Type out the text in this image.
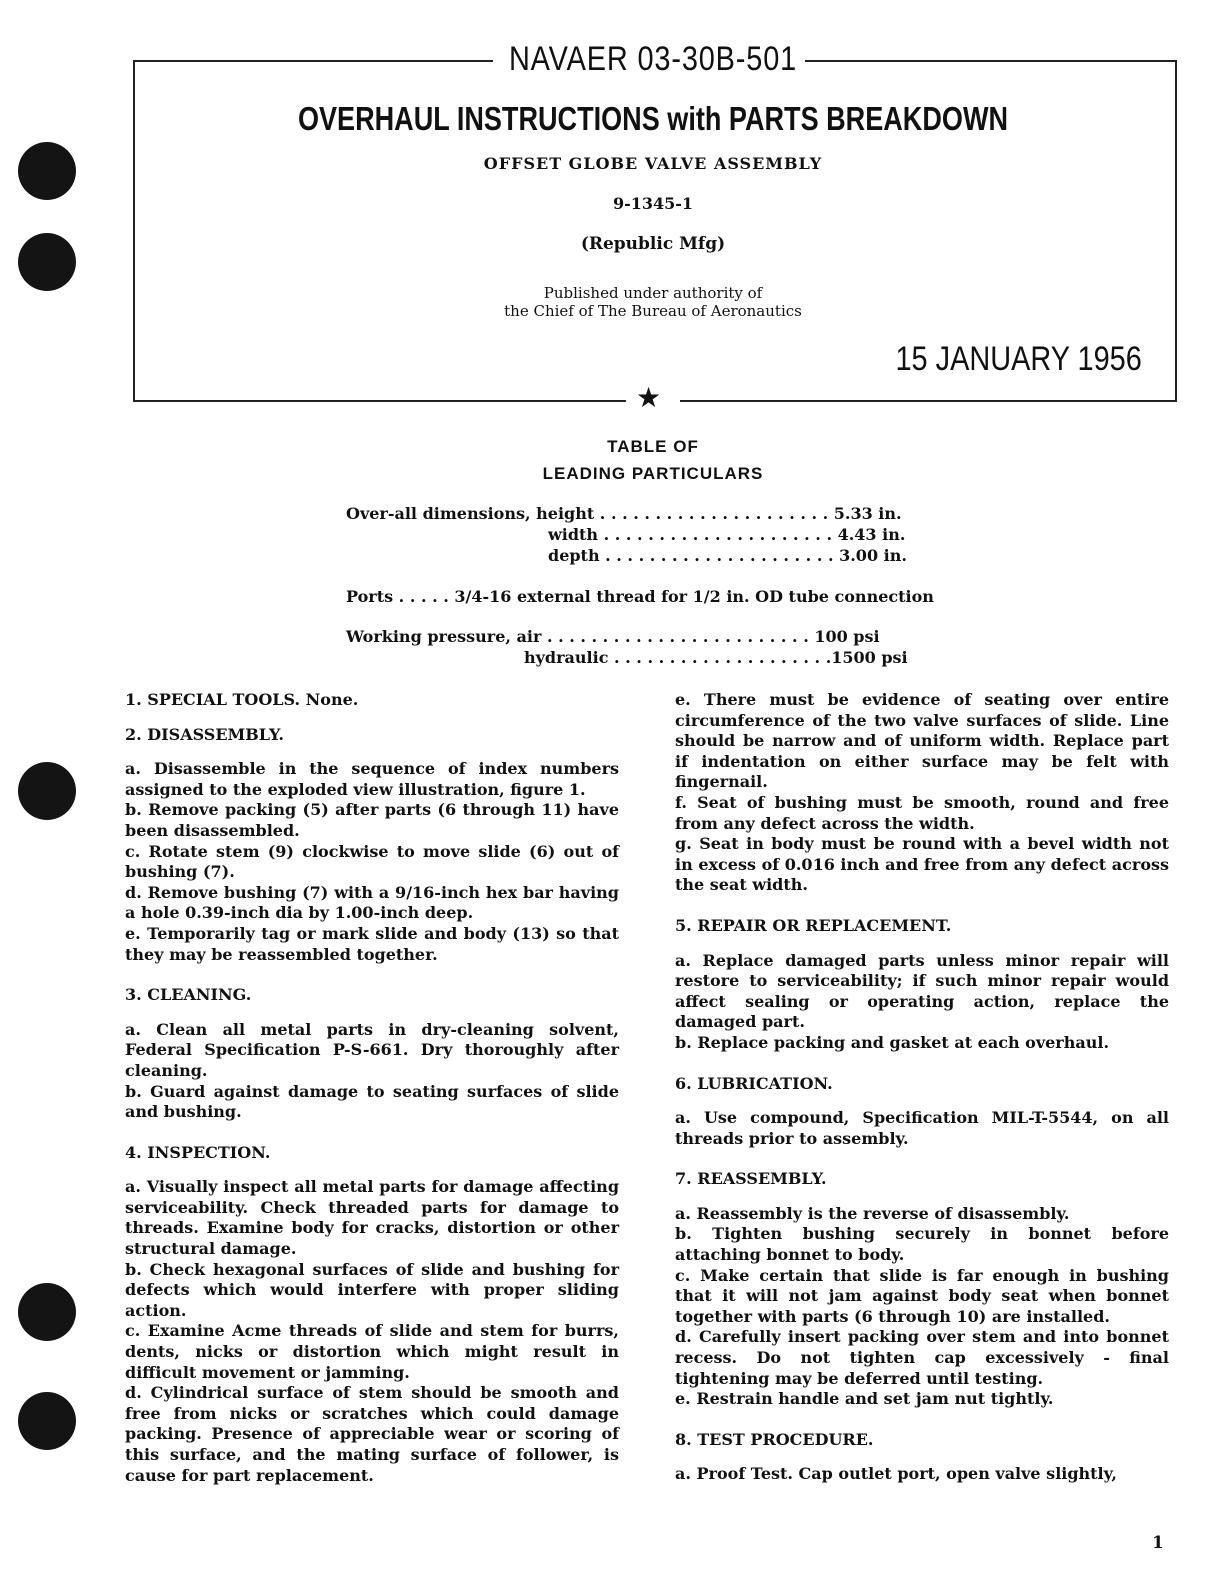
NAVAER 03-30B-501
OVERHAUL INSTRUCTIONS with PARTS BREAKDOWN
OFFSET GLOBE VALVE ASSEMBLY
9-1345-1
(Republic Mfg)
Published under authority of
the Chief of The Bureau of Aeronautics
15 JANUARY 1956
★
TABLE OF
LEADING PARTICULARS
Over-all dimensions, height . . . . . . . . . . . . . . . . . . . . . 5.33 in.
width . . . . . . . . . . . . . . . . . . . . . 4.43 in.
depth . . . . . . . . . . . . . . . . . . . . . 3.00 in.
Ports . . . . . 3/4-16 external thread for 1/2 in. OD tube connection
Working pressure, air . . . . . . . . . . . . . . . . . . . . . . . . 100 psi
hydraulic . . . . . . . . . . . . . . . . . . . .1500 psi

1. SPECIAL TOOLS. None.

2. DISASSEMBLY.

a. Disassemble in the sequence of index numbers assigned to the exploded view illustration, figure 1.

b. Remove packing (5) after parts (6 through 11) have been disassembled.

c. Rotate stem (9) clockwise to move slide (6) out of bushing (7).

d. Remove bushing (7) with a 9/16-inch hex bar having a hole 0.39-inch dia by 1.00-inch deep.

e. Temporarily tag or mark slide and body (13) so that they may be reassembled together.

3. CLEANING.

a. Clean all metal parts in dry-cleaning solvent, Federal Specification P-S-661. Dry thoroughly after cleaning.

b. Guard against damage to seating surfaces of slide and bushing.

4. INSPECTION.

a. Visually inspect all metal parts for damage affecting serviceability. Check threaded parts for damage to threads. Examine body for cracks, distortion or other structural damage.

b. Check hexagonal surfaces of slide and bushing for defects which would interfere with proper sliding action.

c. Examine Acme threads of slide and stem for burrs, dents, nicks or distortion which might result in difficult movement or jamming.

d. Cylindrical surface of stem should be smooth and free from nicks or scratches which could damage packing. Presence of appreciable wear or scoring of this surface, and the mating surface of follower, is cause for part replacement.

e. There must be evidence of seating over entire circumference of the two valve surfaces of slide. Line should be narrow and of uniform width. Replace part if indentation on either surface may be felt with fingernail.

f. Seat of bushing must be smooth, round and free from any defect across the width.

g. Seat in body must be round with a bevel width not in excess of 0.016 inch and free from any defect across the seat width.

5. REPAIR OR REPLACEMENT.

a. Replace damaged parts unless minor repair will restore to serviceability; if such minor repair would affect sealing or operating action, replace the damaged part.

b. Replace packing and gasket at each overhaul.

6. LUBRICATION.

a. Use compound, Specification MIL-T-5544, on all threads prior to assembly.

7. REASSEMBLY.

a. Reassembly is the reverse of disassembly.

b. Tighten bushing securely in bonnet before attaching bonnet to body.

c. Make certain that slide is far enough in bushing that it will not jam against body seat when bonnet together with parts (6 through 10) are installed.

d. Carefully insert packing over stem and into bonnet recess. Do not tighten cap excessively - final tightening may be deferred until testing.

e. Restrain handle and set jam nut tightly.

8. TEST PROCEDURE.

a. Proof Test. Cap outlet port, open valve slightly,

1
